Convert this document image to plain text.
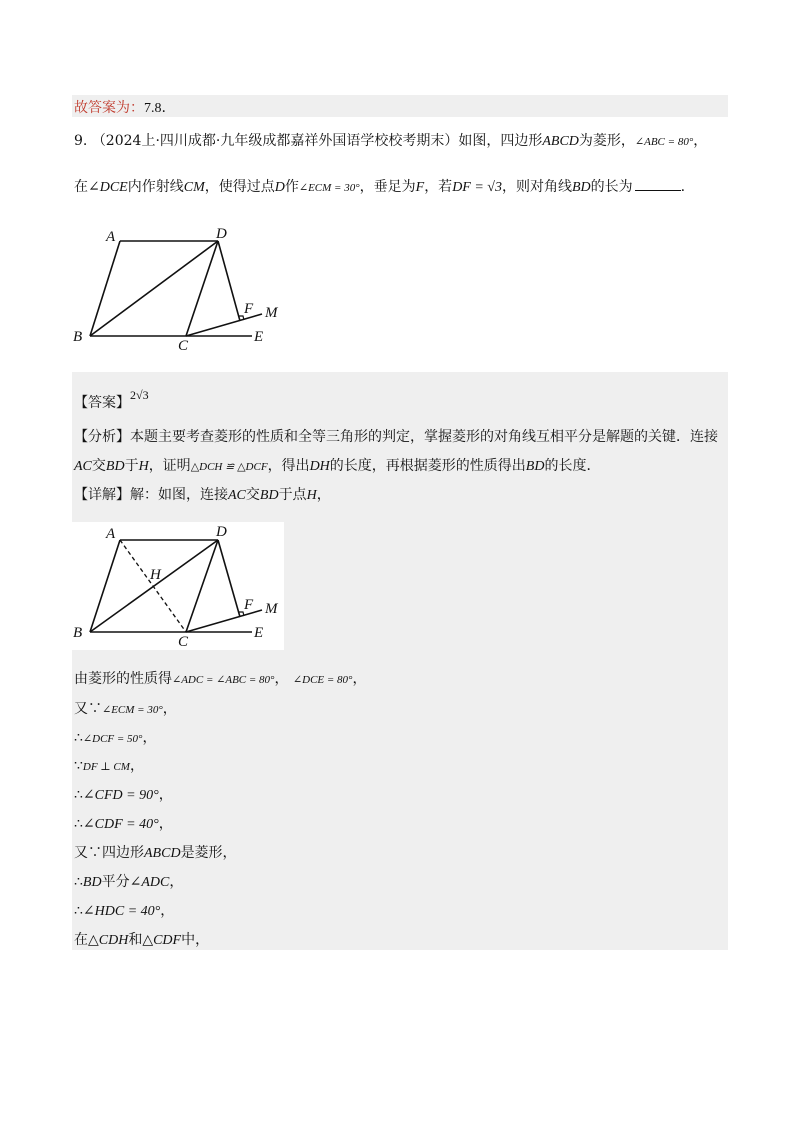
故答案为：7.8.
9. （2024上·四川成都·九年级成都嘉祥外国语学校校考期末）如图，四边形ABCD为菱形，∠ABC = 80°，
在∠DCE内作射线CM，使得过点D作∠ECM = 30°，垂足为F，若DF = √3，则对角线BD的长为	.
A	D
B
C
E
F M
【答案】2√3
【分析】本题主要考查菱形的性质和全等三角形的判定，掌握菱形的对角线互相平分是解题的关键．连接
AC交BD于H，证明△DCH ≌ △DCF，得出DH的长度，再根据菱形的性质得出BD的长度．
【详解】解：如图，连接AC交BD于点H，
A	D
H
B
C
E
F M
由菱形的性质得∠ADC = ∠ABC = 80°， ∠DCE = 80°，
又∵∠ECM = 30°，
∴∠DCF = 50°，
∵DF ⊥ CM，
∴∠CFD = 90°，
∴∠CDF = 40°，
又∵四边形ABCD是菱形，
∴BD平分∠ADC，
∴∠HDC = 40°，
在△CDH和△CDF中，
